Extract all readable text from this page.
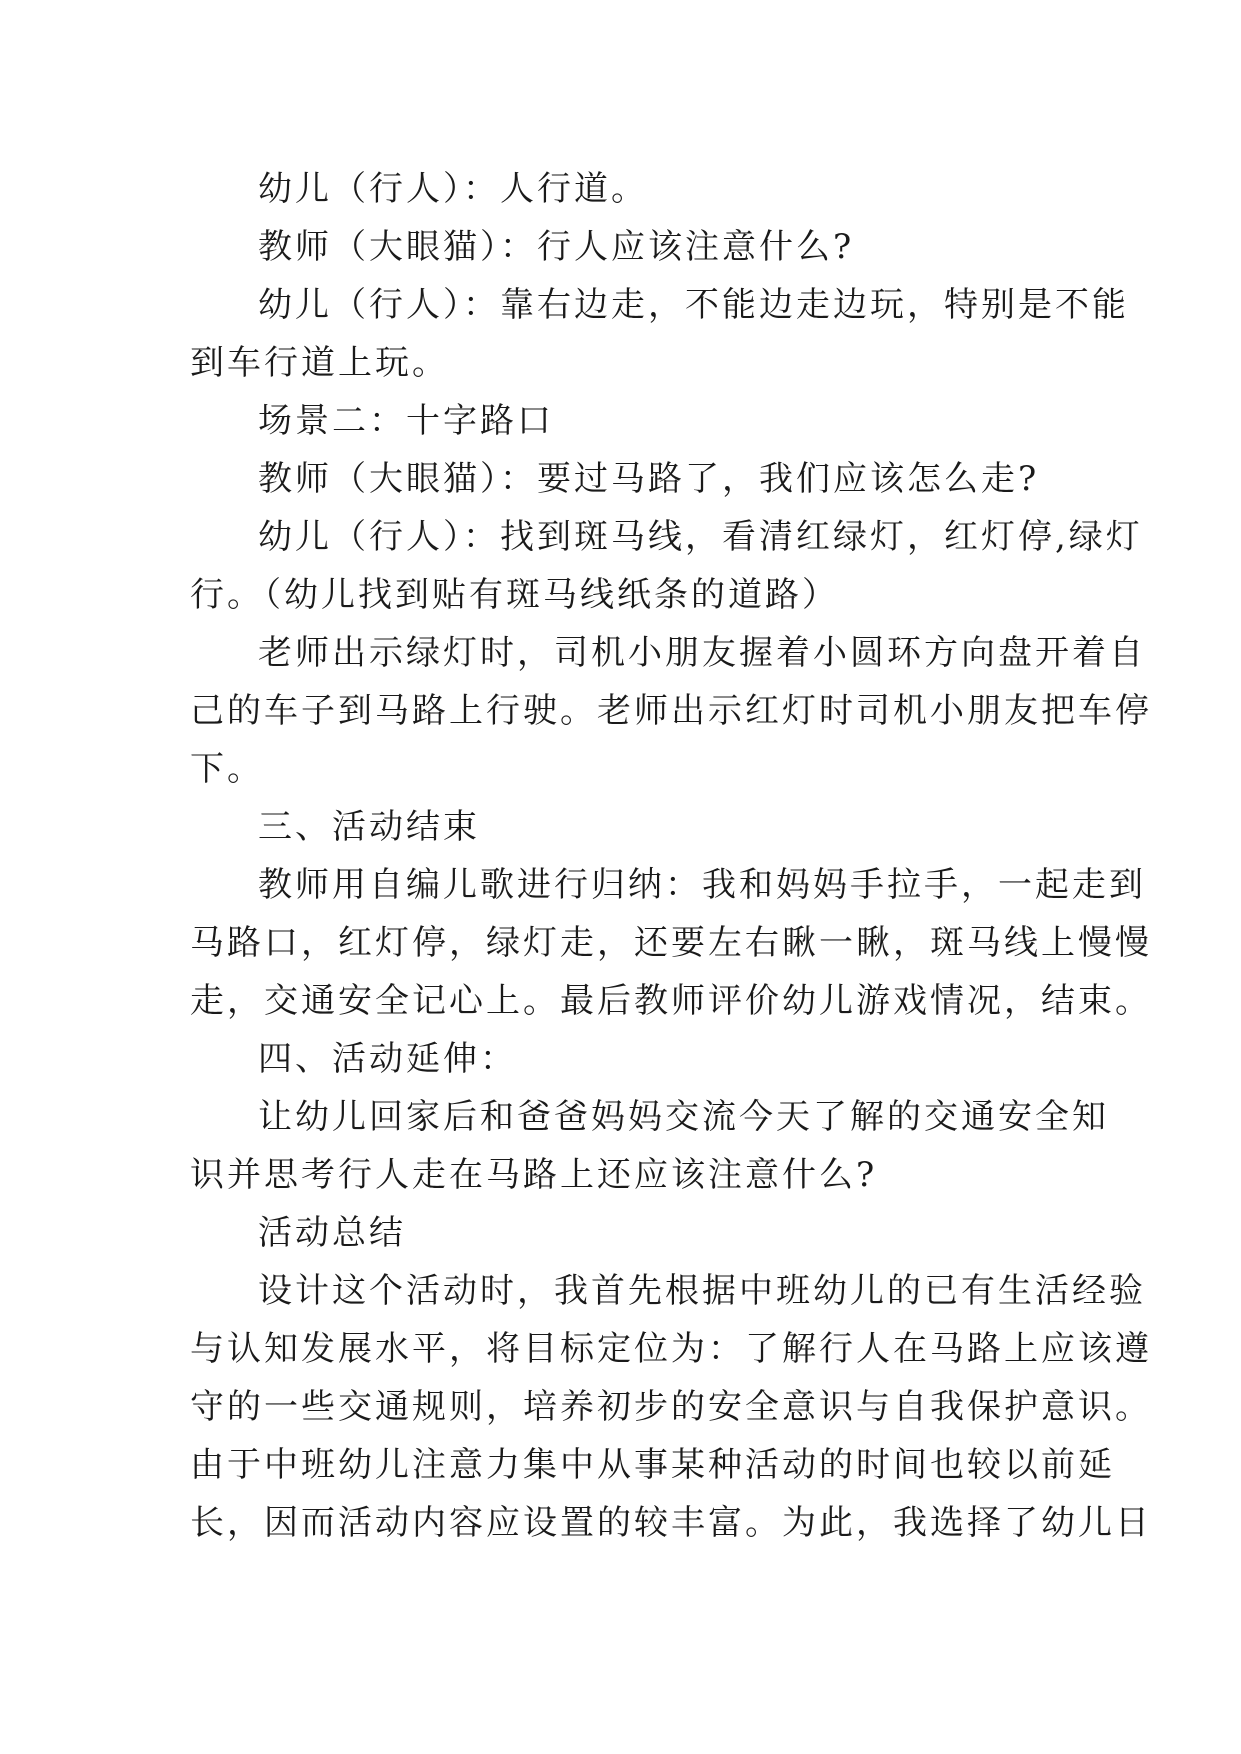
幼儿（行人）：人行道。
教师（大眼猫）：行人应该注意什么?
幼儿（行人）：靠右边走，不能边走边玩，特别是不能
到车行道上玩。
场景二：十字路口
教师（大眼猫）：要过马路了，我们应该怎么走?
幼儿（行人）：找到斑马线，看清红绿灯，红灯停,绿灯
行。（幼儿找到贴有斑马线纸条的道路）
老师出示绿灯时，司机小朋友握着小圆环方向盘开着自
己的车子到马路上行驶。老师出示红灯时司机小朋友把车停
下。
三、活动结束
教师用自编儿歌进行归纳：我和妈妈手拉手，一起走到
马路口，红灯停，绿灯走，还要左右瞅一瞅，斑马线上慢慢
走，交通安全记心上。最后教师评价幼儿游戏情况，结束。
四、活动延伸：
让幼儿回家后和爸爸妈妈交流今天了解的交通安全知
识并思考行人走在马路上还应该注意什么?
活动总结
设计这个活动时，我首先根据中班幼儿的已有生活经验
与认知发展水平，将目标定位为：了解行人在马路上应该遵
守的一些交通规则，培养初步的安全意识与自我保护意识。
由于中班幼儿注意力集中从事某种活动的时间也较以前延
长，因而活动内容应设置的较丰富。为此，我选择了幼儿日
